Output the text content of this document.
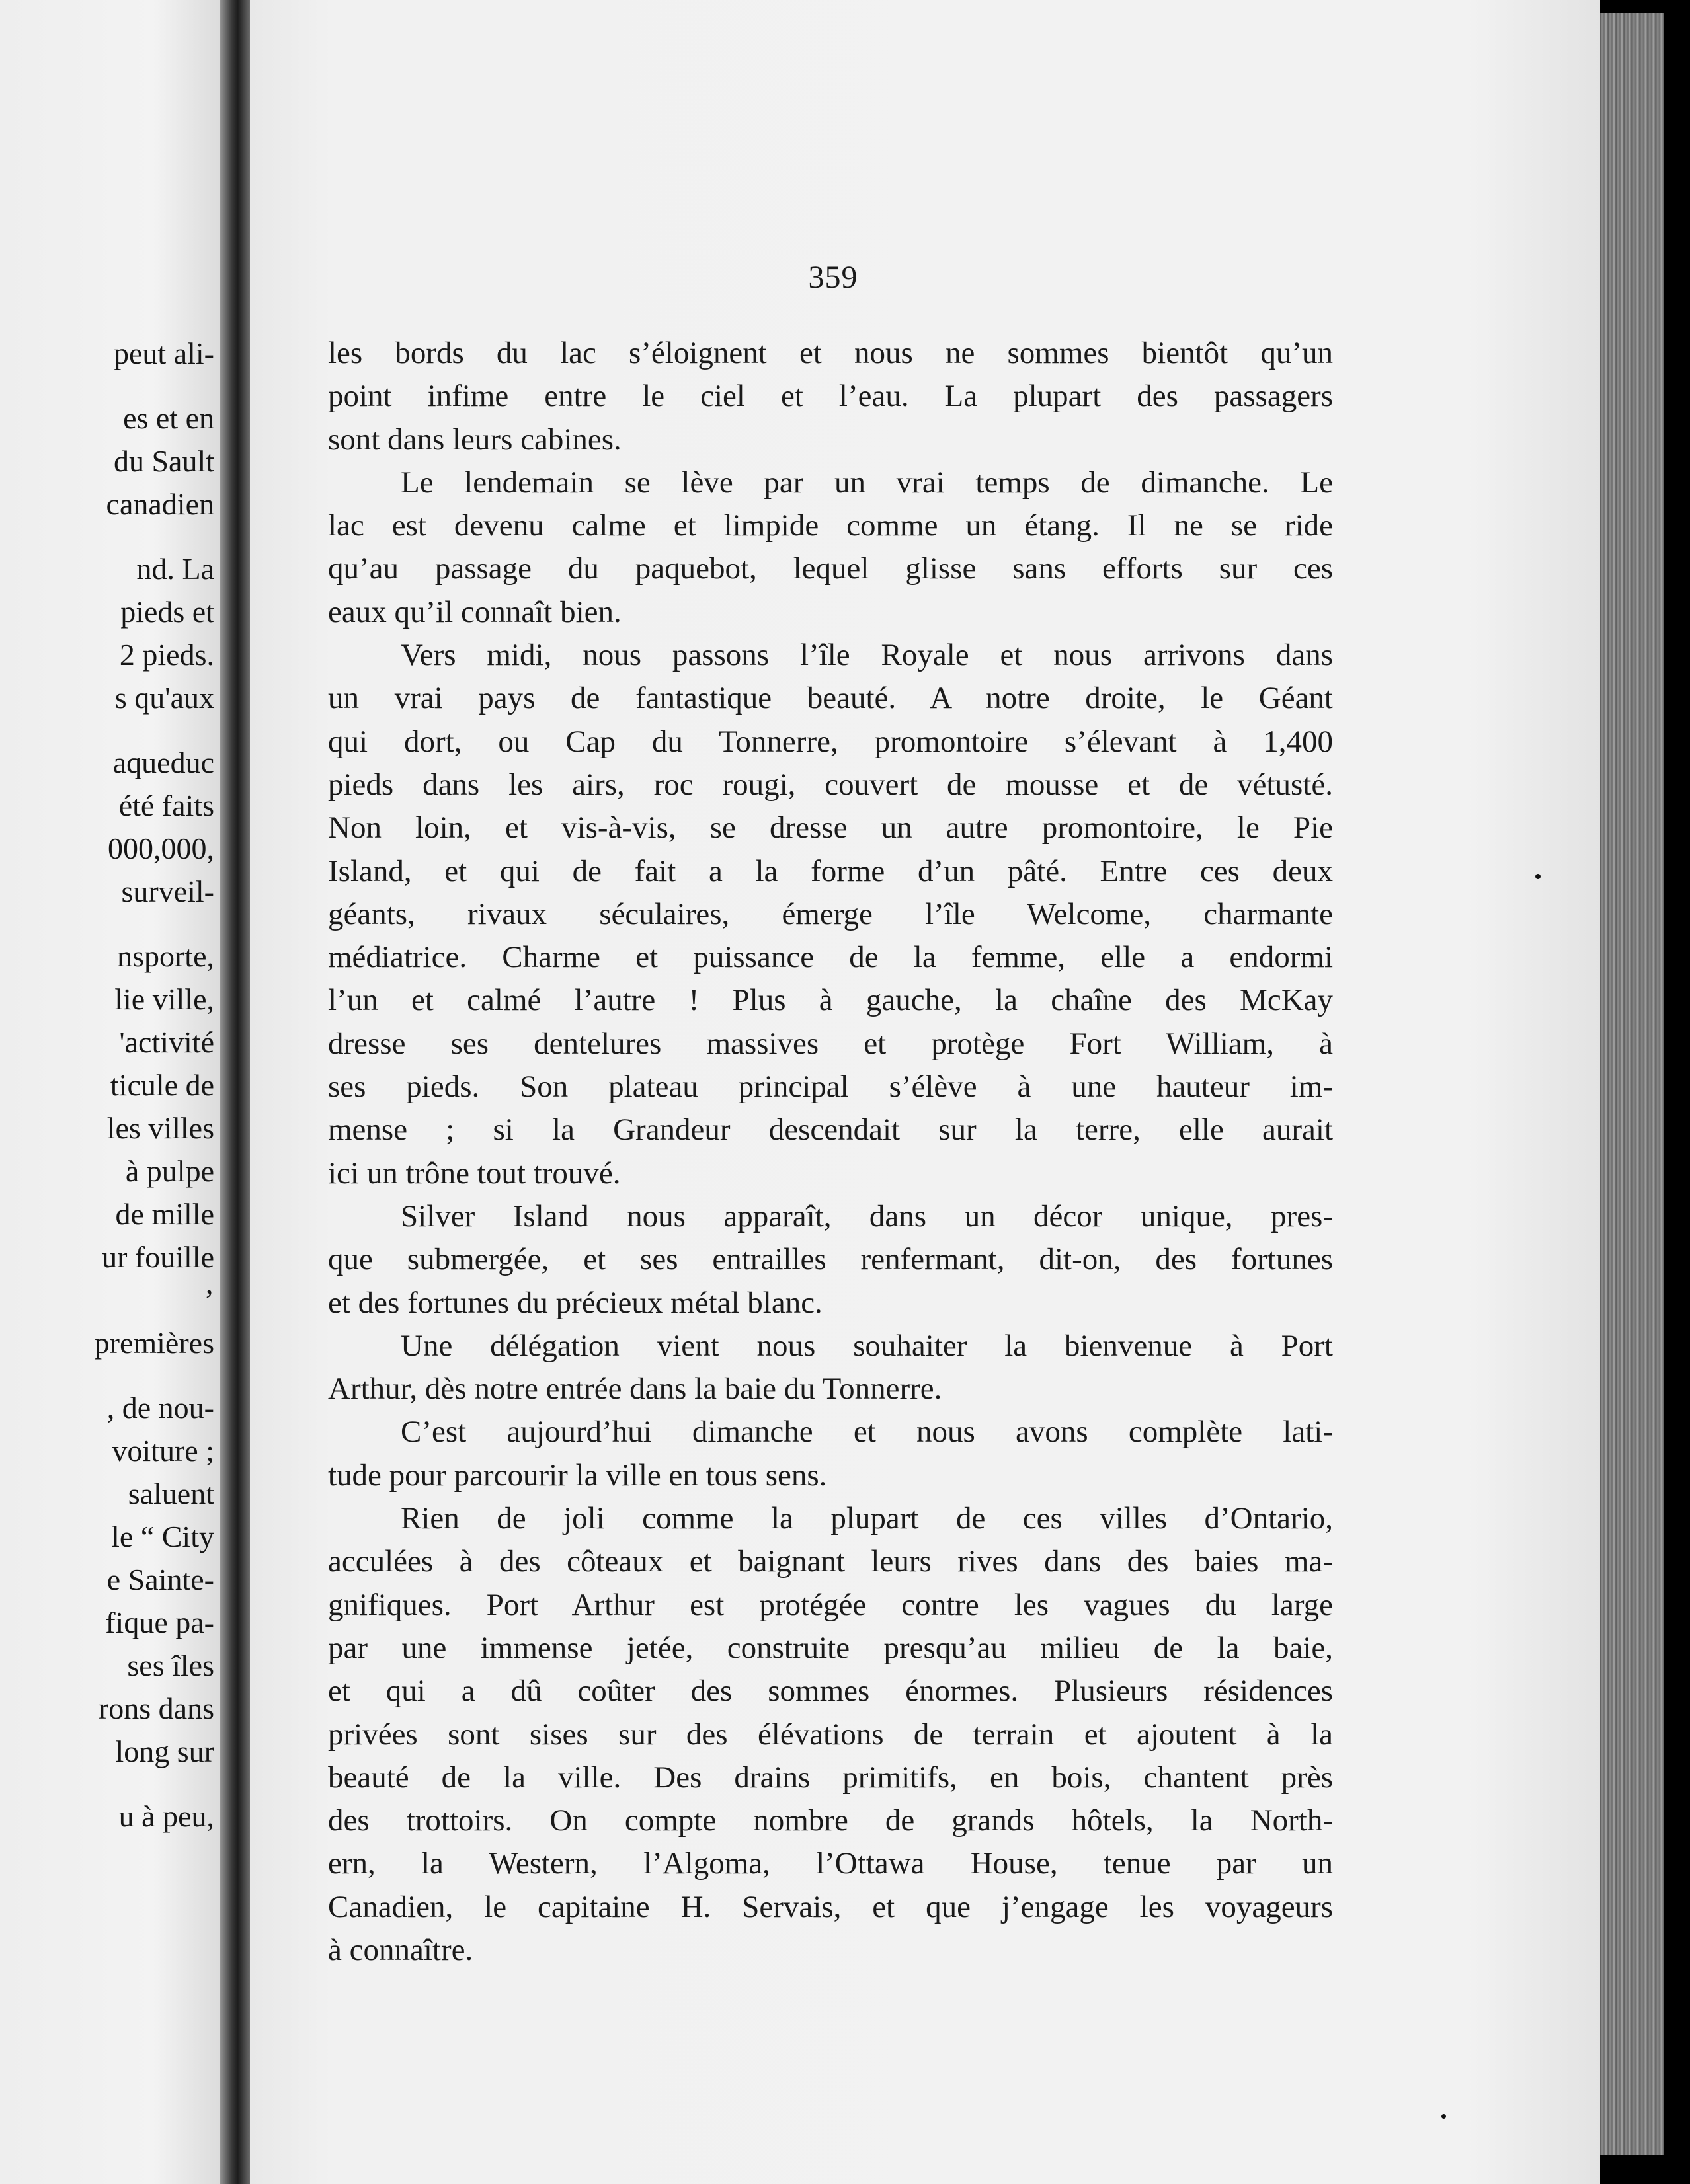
peut ali-
es et en
du Sault
canadien
nd. La
pieds et
2 pieds.
s qu'aux
aqueduc
été faits
000,000,
surveil-
nsporte,
lie ville,
'activité
ticule de
les villes
à pulpe
de mille
ur fouille
’
premières
, de nou-
voiture ;
saluent
le “ City
e Sainte-
fique pa-
ses îles
rons dans
long sur
u à peu,
359
les bords du lac s’éloignent et nous ne sommes bientôt qu’un
point infime entre le ciel et l’eau. La plupart des passagers
sont dans leurs cabines.
Le lendemain se lève par un vrai temps de dimanche. Le
lac est devenu calme et limpide comme un étang. Il ne se ride
qu’au passage du paquebot, lequel glisse sans efforts sur ces
eaux qu’il connaît bien.
Vers midi, nous passons l’île Royale et nous arrivons dans
un vrai pays de fantastique beauté. A notre droite, le Géant
qui dort, ou Cap du Tonnerre, promontoire s’élevant à 1,400
pieds dans les airs, roc rougi, couvert de mousse et de vétusté.
Non loin, et vis-à-vis, se dresse un autre promontoire, le Pie
Island, et qui de fait a la forme d’un pâté. Entre ces deux
géants, rivaux séculaires, émerge l’île Welcome, charmante
médiatrice. Charme et puissance de la femme, elle a endormi
l’un et calmé l’autre ! Plus à gauche, la chaîne des McKay
dresse ses dentelures massives et protège Fort William, à
ses pieds. Son plateau principal s’élève à une hauteur im-
mense ; si la Grandeur descendait sur la terre, elle aurait
ici un trône tout trouvé.
Silver Island nous apparaît, dans un décor unique, pres-
que submergée, et ses entrailles renfermant, dit-on, des fortunes
et des fortunes du précieux métal blanc.
Une délégation vient nous souhaiter la bienvenue à Port
Arthur, dès notre entrée dans la baie du Tonnerre.
C’est aujourd’hui dimanche et nous avons complète lati-
tude pour parcourir la ville en tous sens.
Rien de joli comme la plupart de ces villes d’Ontario,
acculées à des côteaux et baignant leurs rives dans des baies ma-
gnifiques. Port Arthur est protégée contre les vagues du large
par une immense jetée, construite presqu’au milieu de la baie,
et qui a dû coûter des sommes énormes. Plusieurs résidences
privées sont sises sur des élévations de terrain et ajoutent à la
beauté de la ville. Des drains primitifs, en bois, chantent près
des trottoirs. On compte nombre de grands hôtels, la North-
ern, la Western, l’Algoma, l’Ottawa House, tenue par un
Canadien, le capitaine H. Servais, et que j’engage les voyageurs
à connaître.
